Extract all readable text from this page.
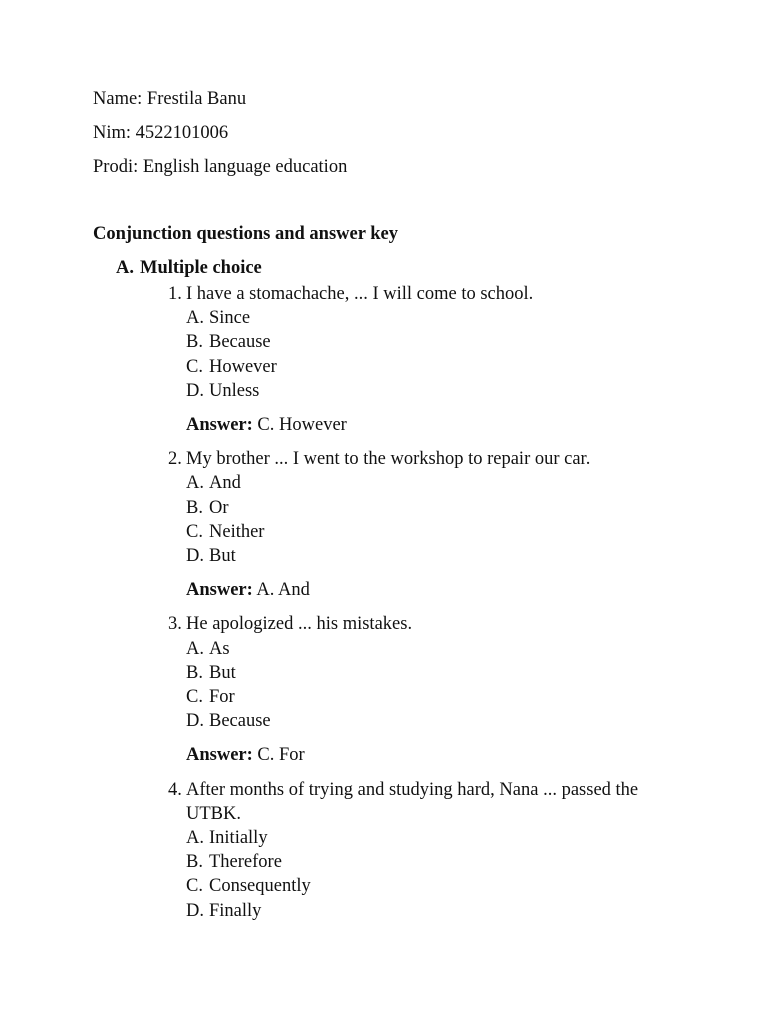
Name: Frestila Banu
Nim: 4522101006
Prodi: English language education
Conjunction questions and answer key
A. Multiple choice
1. I have a stomachache, ... I will come to school.
A. Since
B. Because
C. However
D. Unless
Answer: C. However
2. My brother ... I went to the workshop to repair our car.
A. And
B. Or
C. Neither
D. But
Answer: A. And
3. He apologized ... his mistakes.
A. As
B. But
C. For
D. Because
Answer: C. For
4. After months of trying and studying hard, Nana ... passed the UTBK.
A. Initially
B. Therefore
C. Consequently
D. Finally
